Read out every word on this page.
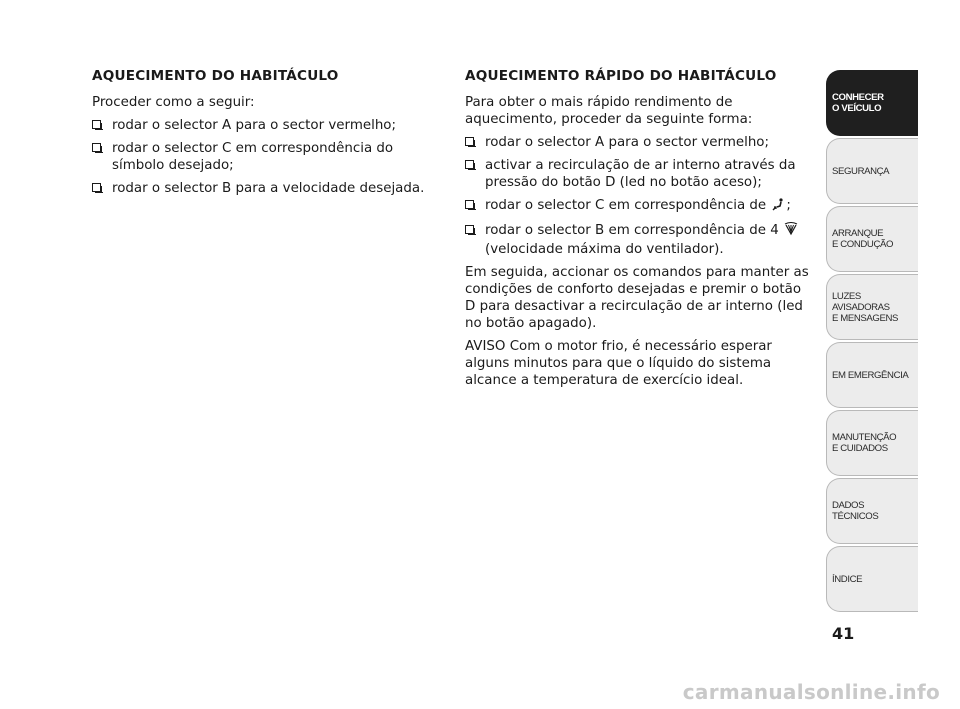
AQUECIMENTO DO HABITÁCULO
Proceder como a seguir:
rodar o selector A para o sector vermelho;
rodar o selector C em correspondência do símbolo desejado;
rodar o selector B para a velocidade desejada.
AQUECIMENTO RÁPIDO DO HABITÁCULO
Para obter o mais rápido rendimento de aquecimento, proceder da seguinte forma:
rodar o selector A para o sector vermelho;
activar a recirculação de ar interno através da pressão do botão D (led no botão aceso);
rodar o selector C em correspondência de ;
rodar o selector B em correspondência de 4
(velocidade máxima do ventilador).
Em seguida, accionar os comandos para manter as condições de conforto desejadas e premir o botão D para desactivar a recirculação de ar interno (led no botão apagado).
AVISO Com o motor frio, é necessário esperar alguns minutos para que o líquido do sistema alcance a temperatura de exercício ideal.
CONHECER
O VEÍCULO
SEGURANÇA
ARRANQUE
E CONDUÇÃO
LUZES
AVISADORAS
E MENSAGENS
EM EMERGÊNCIA
MANUTENÇÃO
E CUIDADOS
DADOS
TÉCNICOS
ÍNDICE
41
carmanualsonline.info
